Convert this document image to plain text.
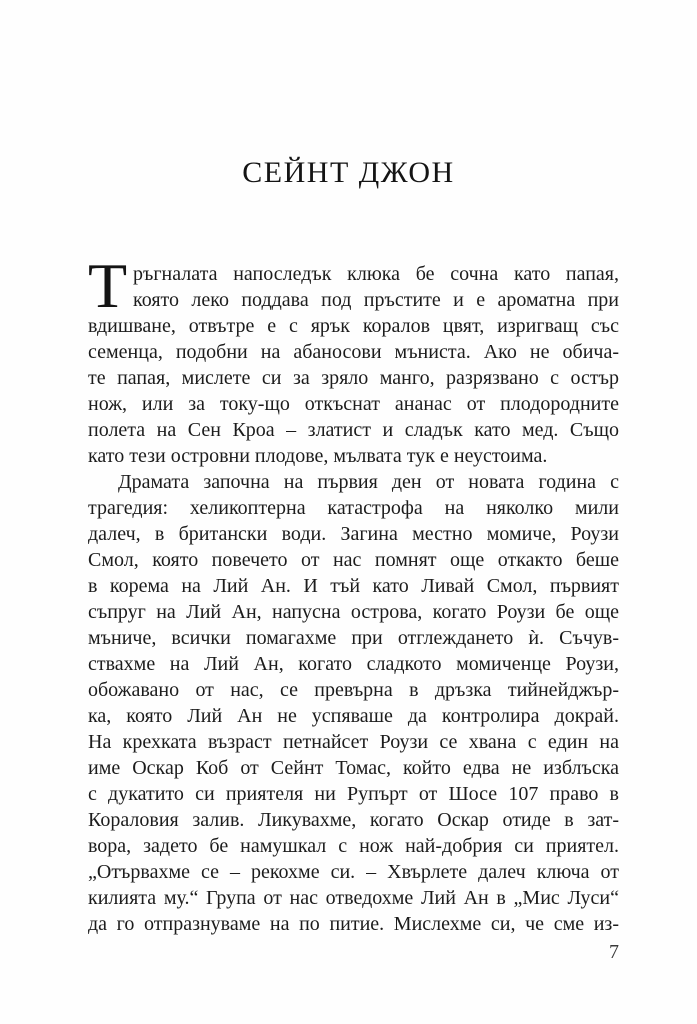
СЕЙНТ ДЖОН
Т ръгналата напоследък клюка бе сочна като папая,
която леко поддава под пръстите и е ароматна при
вдишване, отвътре е с ярък коралов цвят, изригващ със
семенца, подобни на абаносови мъниста. Ако не обича-
те папая, мислете си за зряло манго, разрязвано с остър
нож, или за току-що откъснат ананас от плодородните
полета на Сен Кроа – златист и сладък като мед. Също
като тези островни плодове, мълвата тук е неустоима.
Драмата започна на първия ден от новата година с
трагедия: хеликоптерна катастрофа на няколко мили
далеч, в британски води. Загина местно момиче, Роузи
Смол, която повечето от нас помнят още откакто беше
в корема на Лий Ан. И тъй като Ливай Смол, първият
съпруг на Лий Ан, напусна острова, когато Роузи бе още
мъниче, всички помагахме при отглеждането ѝ. Съчув-
ствахме на Лий Ан, когато сладкото момиченце Роузи,
обожавано от нас, се превърна в дръзка тийнейджър-
ка, която Лий Ан не успяваше да контролира докрай.
На крехката възраст петнайсет Роузи се хвана с един на
име Оскар Коб от Сейнт Томас, който едва не изблъска
с дукатито си приятеля ни Рупърт от Шосе 107 право в
Кораловия залив. Ликувахме, когато Оскар отиде в зат-
вора, задето бе намушкал с нож най-добрия си приятел.
„Отървахме се – рекохме си. – Хвърлете далеч ключа от
килията му.“ Група от нас отведохме Лий Ан в „Мис Луси“
да го отпразнуваме на по питие. Мислехме си, че сме из-
7
